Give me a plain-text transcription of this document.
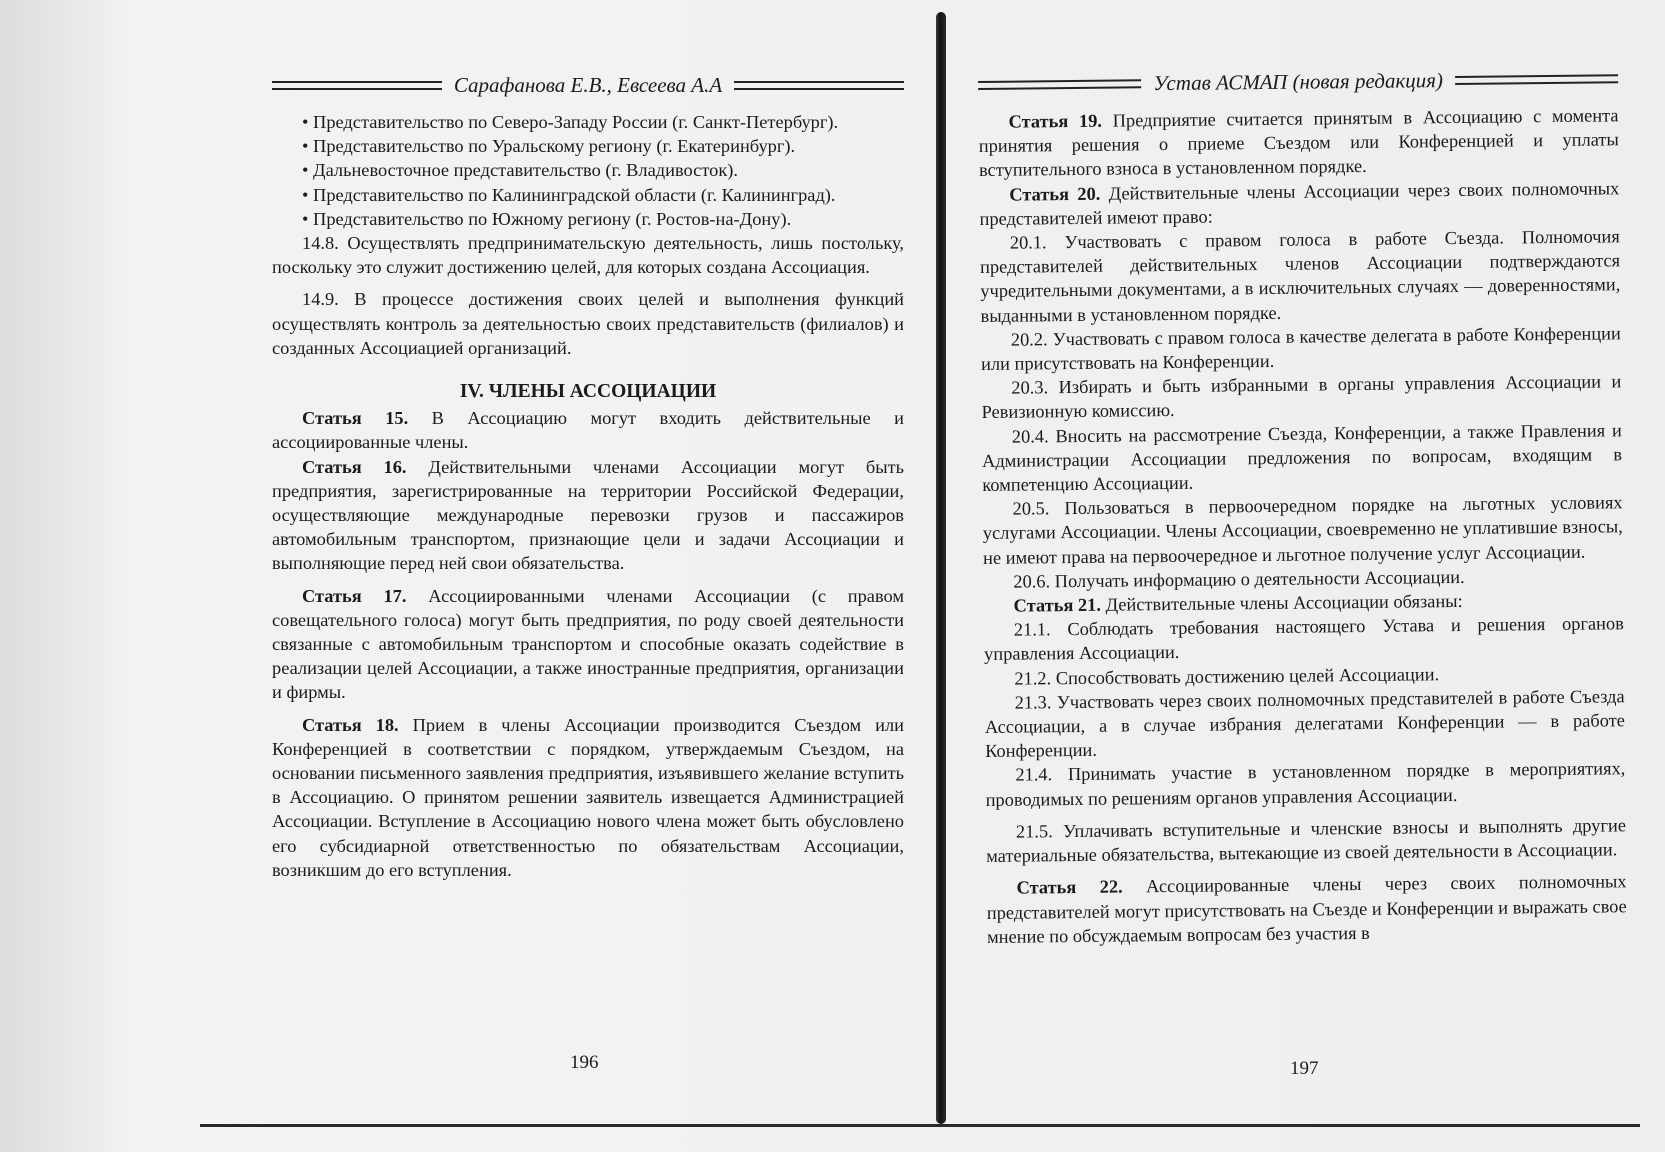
Сарафанова Е.В., Евсеева А.А

• Представительство по Северо-Западу России (г. Санкт-Петербург).

• Представительство по Уральскому региону (г. Екатеринбург).

• Дальневосточное представительство (г. Владивосток).

• Представительство по Калининградской области (г. Калининград).

• Представительство по Южному региону (г. Ростов-на-Дону).

14.8. Осуществлять предпринимательскую деятельность, лишь постольку, поскольку это служит достижению целей, для которых создана Ассоциация.

14.9. В процессе достижения своих целей и выполнения функций осуществлять контроль за деятельностью своих представительств (филиалов) и созданных Ассоциацией организаций.

IV. ЧЛЕНЫ АССОЦИАЦИИ

Статья 15. В Ассоциацию могут входить действительные и ассоциированные члены.

Статья 16. Действительными членами Ассоциации могут быть предприятия, зарегистрированные на территории Российской Федерации, осуществляющие международные перевозки грузов и пассажиров автомобильным транспортом, признающие цели и задачи Ассоциации и выполняющие перед ней свои обязательства.

Статья 17. Ассоциированными членами Ассоциации (с правом совещательного голоса) могут быть предприятия, по роду своей деятельности связанные с автомобильным транспортом и способные оказать содействие в реализации целей Ассоциации, а также иностранные предприятия, организации и фирмы.

Статья 18. Прием в члены Ассоциации производится Съездом или Конференцией в соответствии с порядком, утверждаемым Съездом, на основании письменного заявления предприятия, изъявившего желание вступить в Ассоциацию. О принятом решении заявитель извещается Администрацией Ассоциации. Вступление в Ассоциацию нового члена может быть обусловлено его субсидиарной ответственностью по обязательствам Ассоциации, возникшим до его вступления.

196
Устав АСМАП (новая редакция)

Статья 19. Предприятие считается принятым в Ассоциацию с момента принятия решения о приеме Съездом или Конференцией и уплаты вступительного взноса в установленном порядке.

Статья 20. Действительные члены Ассоциации через своих полномочных представителей имеют право:

20.1. Участвовать с правом голоса в работе Съезда. Полномочия представителей действительных членов Ассоциации подтверждаются учредительными документами, а в исключительных случаях — доверенностями, выданными в установленном порядке.

20.2. Участвовать с правом голоса в качестве делегата в работе Конференции или присутствовать на Конференции.

20.3. Избирать и быть избранными в органы управления Ассоциации и Ревизионную комиссию.

20.4. Вносить на рассмотрение Съезда, Конференции, а также Правления и Администрации Ассоциации предложения по вопросам, входящим в компетенцию Ассоциации.

20.5. Пользоваться в первоочередном порядке на льготных условиях услугами Ассоциации. Члены Ассоциации, своевременно не уплатившие взносы, не имеют права на первоочередное и льготное получение услуг Ассоциации.

20.6. Получать информацию о деятельности Ассоциации.

Статья 21. Действительные члены Ассоциации обязаны:

21.1. Соблюдать требования настоящего Устава и решения органов управления Ассоциации.

21.2. Способствовать достижению целей Ассоциации.

21.3. Участвовать через своих полномочных представителей в работе Съезда Ассоциации, а в случае избрания делегатами Конференции — в работе Конференции.

21.4. Принимать участие в установленном порядке в мероприятиях, проводимых по решениям органов управления Ассоциации.

21.5. Уплачивать вступительные и членские взносы и выполнять другие материальные обязательства, вытекающие из своей деятельности в Ассоциации.

Статья 22. Ассоциированные члены через своих полномочных представителей могут присутствовать на Съезде и Конференции и выражать свое мнение по обсуждаемым вопросам без участия в

197
